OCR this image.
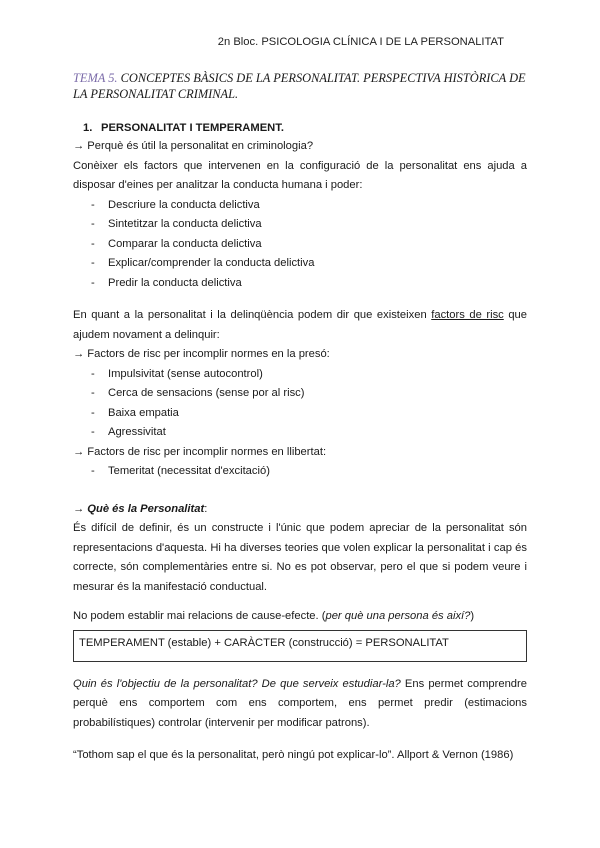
2n Bloc. PSICOLOGIA CLÍNICA I DE LA PERSONALITAT

TEMA 5. CONCEPTES BÀSICS DE LA PERSONALITAT. PERSPECTIVA HISTÒRICA DE LA PERSONALITAT CRIMINAL.

1. PERSONALITAT I TEMPERAMENT.

→ Perquè és útil la personalitat en criminologia?

Conèixer els factors que intervenen en la configuració de la personalitat ens ajuda a disposar d'eines per analitzar la conducta humana i poder:

- Descriure la conducta delictiva
- Sintetitzar la conducta delictiva
- Comparar la conducta delictiva
- Explicar/comprender la conducta delictiva
- Predir la conducta delictiva

En quant a la personalitat i la delinqüència podem dir que existeixen factors de risc que ajudem novament a delinquir:

→ Factors de risc per incomplir normes en la presó:

- Impulsivitat (sense autocontrol)
- Cerca de sensacions (sense por al risc)
- Baixa empatia
- Agressivitat

→ Factors de risc per incomplir normes en llibertat:

- Temeritat (necessitat d'excitació)

→ Què és la Personalitat:

És difícil de definir, és un constructe i l'únic que podem apreciar de la personalitat són representacions d'aquesta. Hi ha diverses teories que volen explicar la personalitat i cap és correcte, són complementàries entre si. No es pot observar, pero el que si podem veure i mesurar és la manifestació conductual.

No podem establir mai relacions de cause-efecte. (per què una persona és així?)

TEMPERAMENT (estable) + CARÀCTER (construcció) = PERSONALITAT

Quin és l'objectiu de la personalitat? De que serveix estudiar-la? Ens permet comprendre perquè ens comportem com ens comportem, ens permet predir (estimacions probabilístiques) controlar (intervenir per modificar patrons).

“Tothom sap el que és la personalitat, però ningú pot explicar-lo”. Allport & Vernon (1986)
